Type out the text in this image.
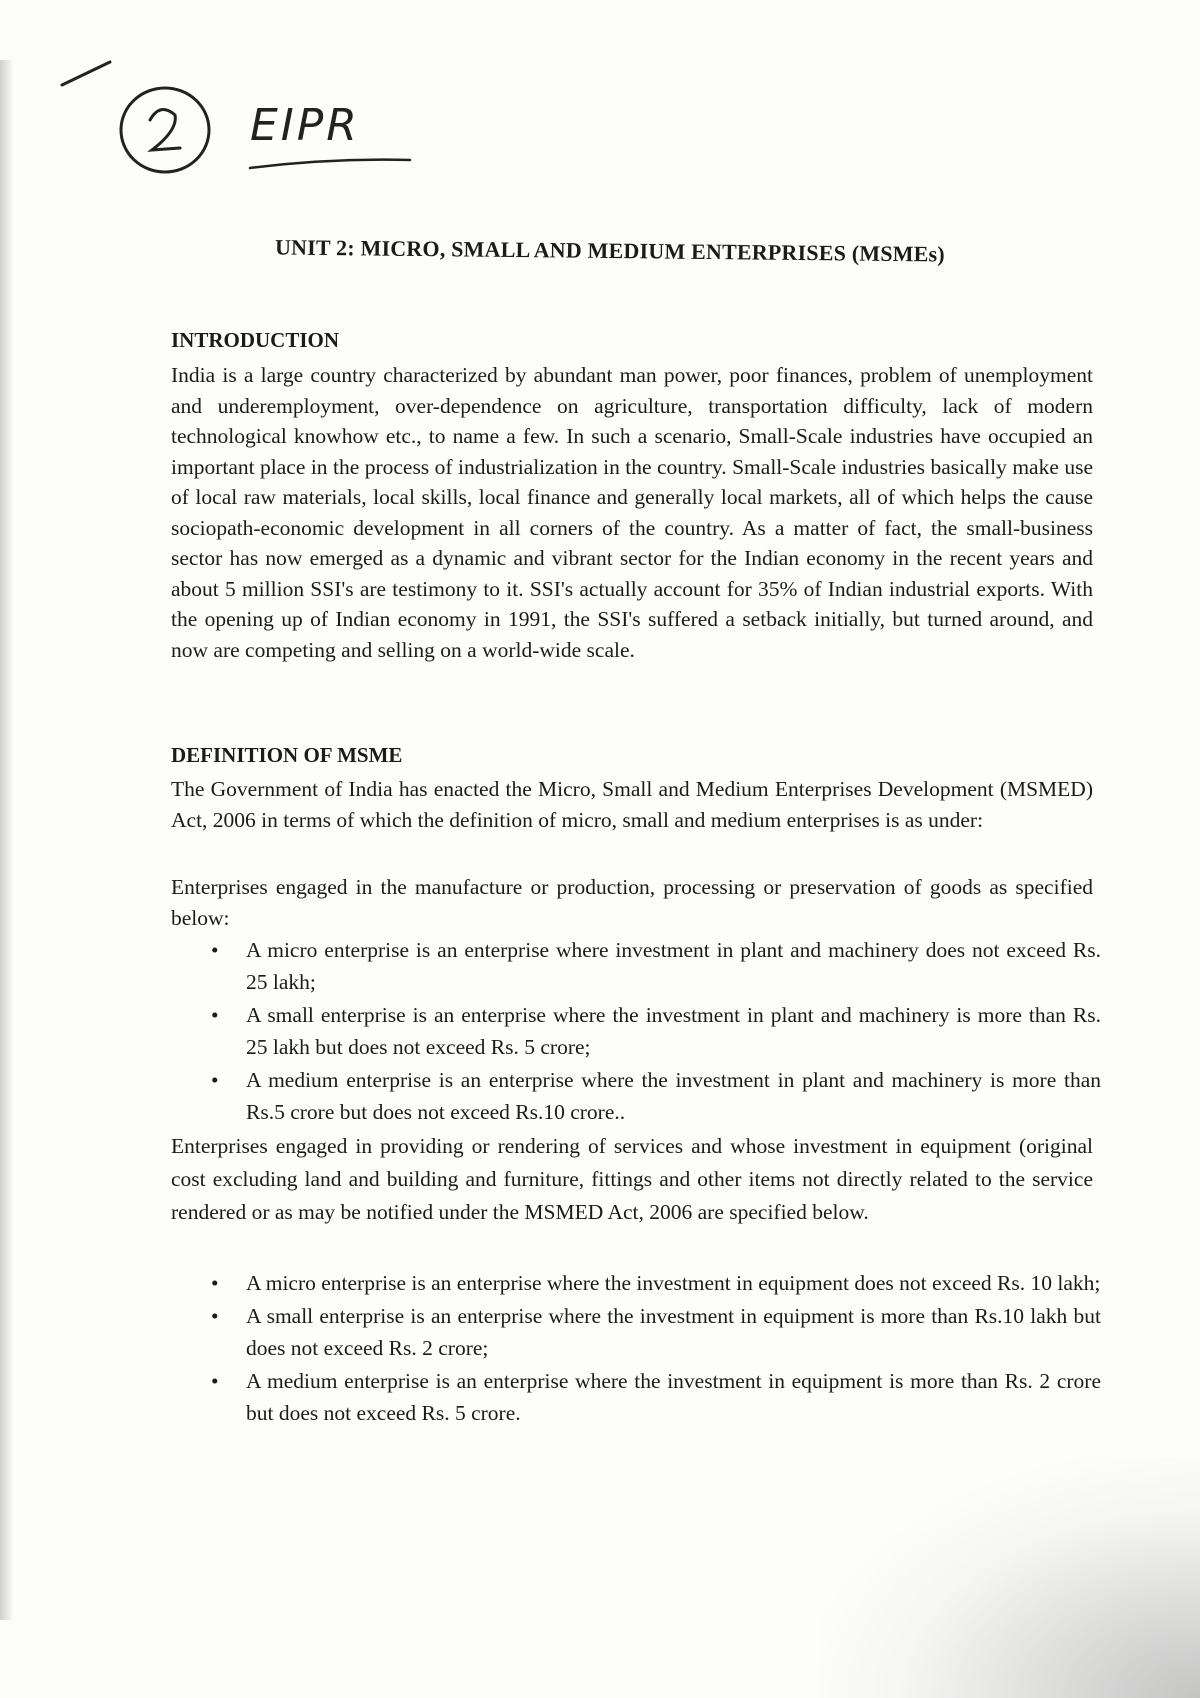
EIPR
UNIT 2: MICRO, SMALL AND MEDIUM ENTERPRISES (MSMEs)
INTRODUCTION
India is a large country characterized by abundant man power, poor finances, problem of unemployment and underemployment, over-dependence on agriculture, transportation difficulty, lack of modern technological knowhow etc., to name a few. In such a scenario, Small-Scale industries have occupied an important place in the process of industrialization in the country. Small-Scale industries basically make use of local raw materials, local skills, local finance and generally local markets, all of which helps the cause sociopath-economic development in all corners of the country. As a matter of fact, the small-business sector has now emerged as a dynamic and vibrant sector for the Indian economy in the recent years and about 5 million SSI's are testimony to it. SSI's actually account for 35% of Indian industrial exports. With the opening up of Indian economy in 1991, the SSI's suffered a setback initially, but turned around, and now are competing and selling on a world-wide scale.
DEFINITION OF MSME
The Government of India has enacted the Micro, Small and Medium Enterprises Development (MSMED) Act, 2006 in terms of which the definition of micro, small and medium enterprises is as under:
Enterprises engaged in the manufacture or production, processing or preservation of goods as specified below:
• A micro enterprise is an enterprise where investment in plant and machinery does not exceed Rs. 25 lakh;
• A small enterprise is an enterprise where the investment in plant and machinery is more than Rs. 25 lakh but does not exceed Rs. 5 crore;
• A medium enterprise is an enterprise where the investment in plant and machinery is more than Rs.5 crore but does not exceed Rs.10 crore..
Enterprises engaged in providing or rendering of services and whose investment in equipment (original cost excluding land and building and furniture, fittings and other items not directly related to the service rendered or as may be notified under the MSMED Act, 2006 are specified below.
• A micro enterprise is an enterprise where the investment in equipment does not exceed Rs. 10 lakh;
• A small enterprise is an enterprise where the investment in equipment is more than Rs.10 lakh but does not exceed Rs. 2 crore;
• A medium enterprise is an enterprise where the investment in equipment is more than Rs. 2 crore but does not exceed Rs. 5 crore.
